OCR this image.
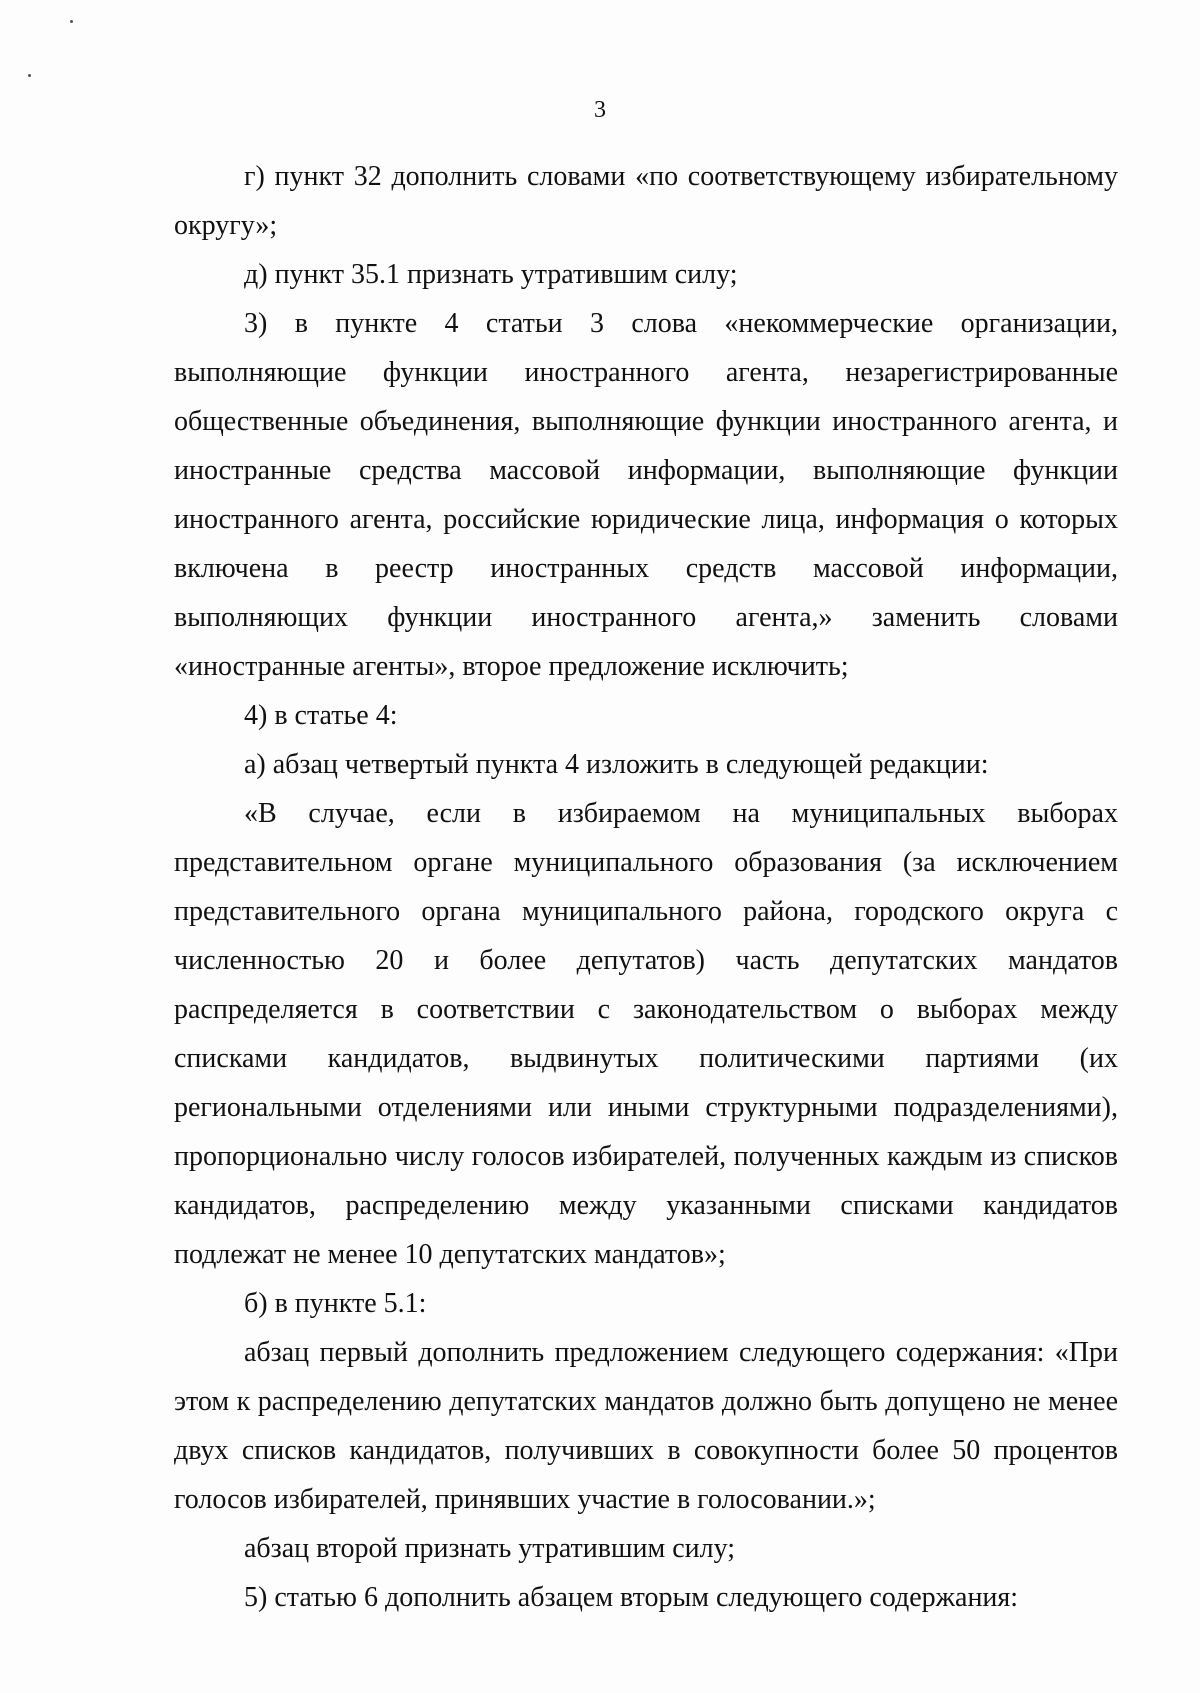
3

г) пункт 32 дополнить словами «по соответствующему избирательному округу»;

д) пункт 35.1 признать утратившим силу;

3) в пункте 4 статьи 3 слова «некоммерческие организации, выполняющие функции иностранного агента, незарегистрированные общественные объединения, выполняющие функции иностранного агента, и иностранные средства массовой информации, выполняющие функции иностранного агента, российские юридические лица, информация о которых включена в реестр иностранных средств массовой информации, выполняющих функции иностранного агента,» заменить словами «иностранные агенты», второе предложение исключить;

4) в статье 4:

а) абзац четвертый пункта 4 изложить в следующей редакции:

«В случае, если в избираемом на муниципальных выборах представительном органе муниципального образования (за исключением представительного органа муниципального района, городского округа с численностью 20 и более депутатов) часть депутатских мандатов распределяется в соответствии с законодательством о выборах между списками кандидатов, выдвинутых политическими партиями (их региональными отделениями или иными структурными подразделениями), пропорционально числу голосов избирателей, полученных каждым из списков кандидатов, распределению между указанными списками кандидатов подлежат не менее 10 депутатских мандатов»;

б) в пункте 5.1:

абзац первый дополнить предложением следующего содержания: «При этом к распределению депутатских мандатов должно быть допущено не менее двух списков кандидатов, получивших в совокупности более 50 процентов голосов избирателей, принявших участие в голосовании.»;

абзац второй признать утратившим силу;

5) статью 6 дополнить абзацем вторым следующего содержания:
